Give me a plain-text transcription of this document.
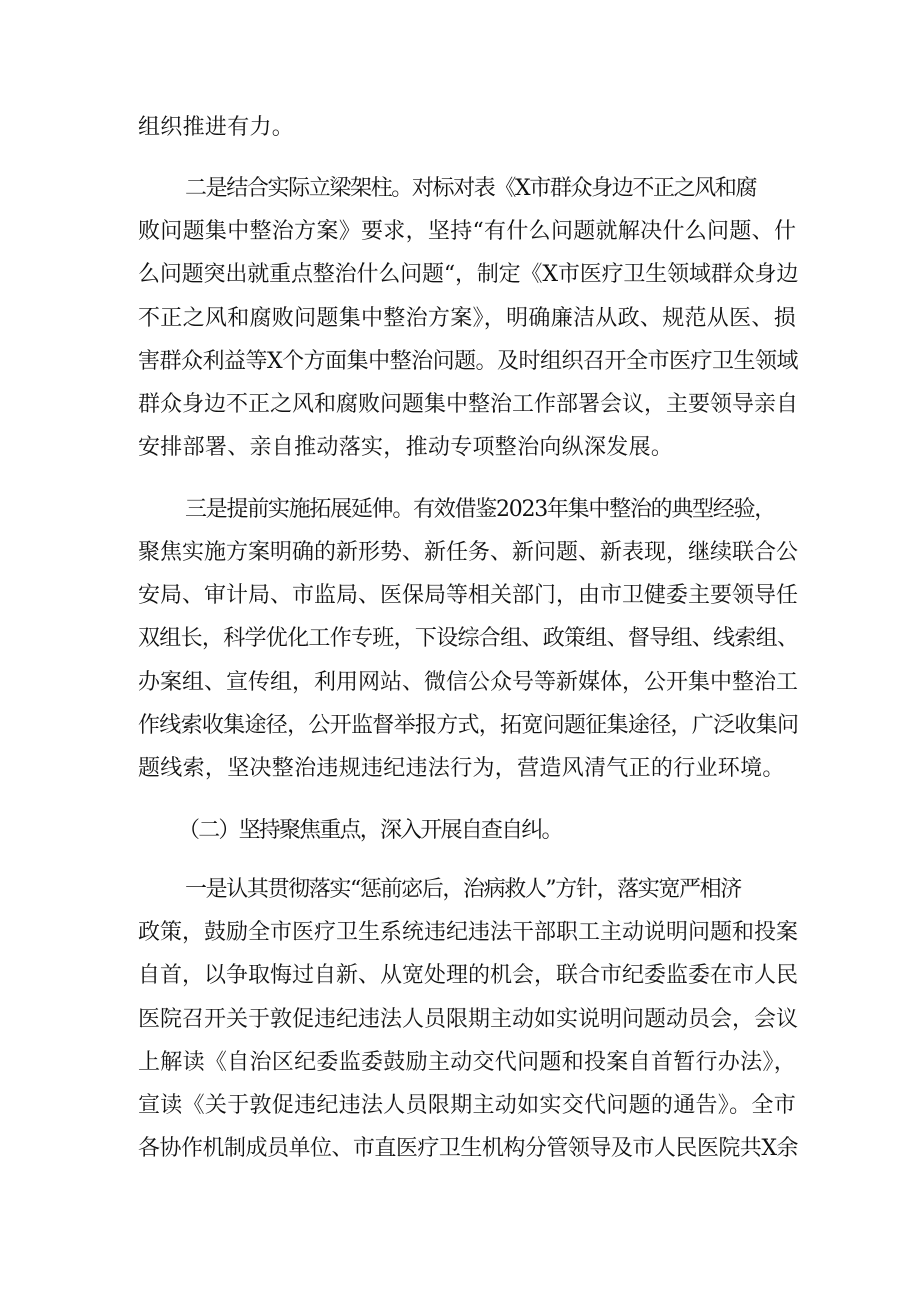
组织推进有力。
二是结合实际立梁架柱。对标对表《X市群众身边不正之风和腐
败问题集中整治方案》要求，坚持“有什么问题就解决什么问题、什
么问题突出就重点整治什么问题“，制定《X市医疗卫生领域群众身边
不正之风和腐败问题集中整治方案》，明确廉洁从政、规范从医、损
害群众利益等X个方面集中整治问题。及时组织召开全市医疗卫生领域
群众身边不正之风和腐败问题集中整治工作部署会议，主要领导亲自
安排部署、亲自推动落实，推动专项整治向纵深发展。
三是提前实施拓展延伸。有效借鉴2023年集中整治的典型经验，
聚焦实施方案明确的新形势、新任务、新问题、新表现，继续联合公
安局、审计局、市监局、医保局等相关部门，由市卫健委主要领导任
双组长，科学优化工作专班，下设综合组、政策组、督导组、线索组、
办案组、宣传组，利用网站、微信公众号等新媒体，公开集中整治工
作线索收集途径，公开监督举报方式，拓宽问题征集途径，广泛收集问
题线索，坚决整治违规违纪违法行为，营造风清气正的行业环境。
（二）坚持聚焦重点，深入开展自查自纠。
一是认其贯彻落实“惩前宓后，治病救人”方针，落实宽严相济
政策，鼓励全市医疗卫生系统违纪违法干部职工主动说明问题和投案
自首，以争取悔过自新、从宽处理的机会，联合市纪委监委在市人民
医院召开关于敦促违纪违法人员限期主动如实说明问题动员会，会议
上解读《自治区纪委监委鼓励主动交代问题和投案自首暂行办法》，
宣读《关于敦促违纪违法人员限期主动如实交代问题的通告》。全市
各协作机制成员单位、市直医疗卫生机构分管领导及市人民医院共X余
